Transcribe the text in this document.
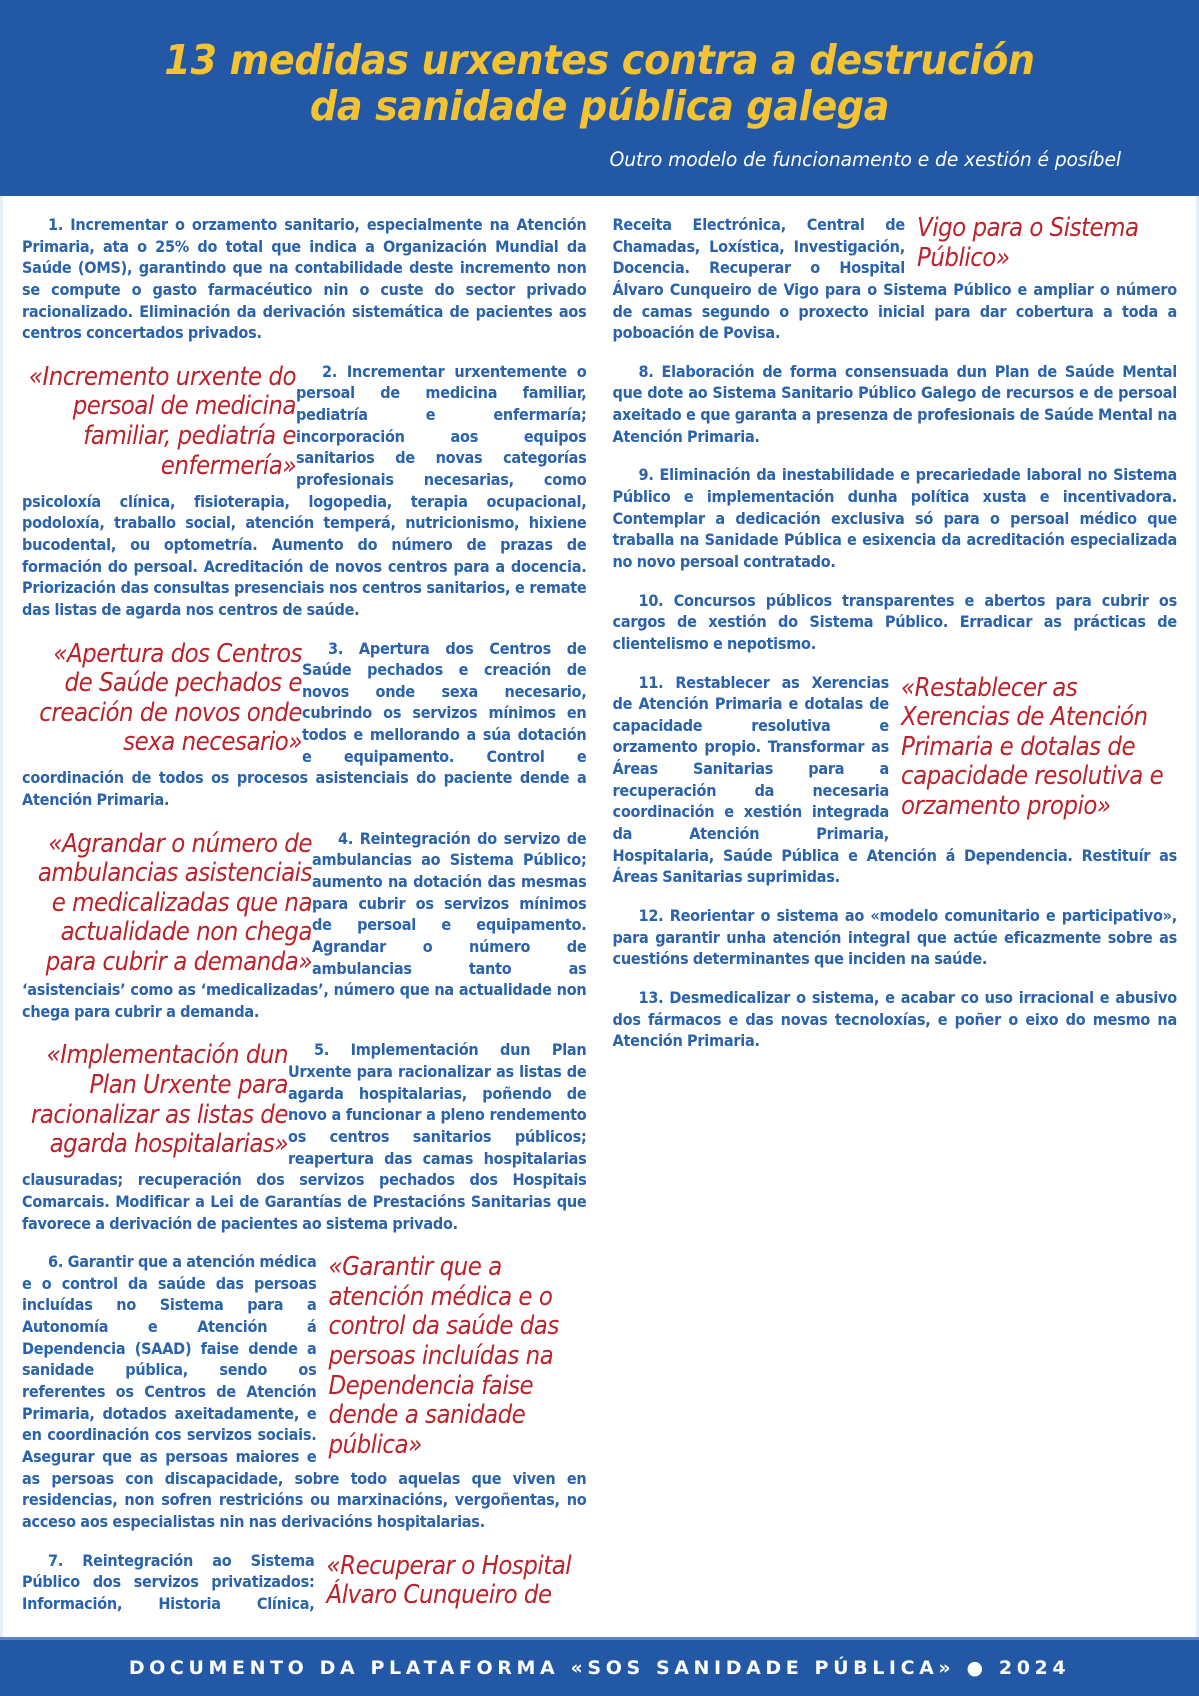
13 medidas urxentes contra a destrución
da sanidade pública galega
Outro modelo de funcionamento e de xestión é posíbel

1. Incrementar o orzamento sanitario, especialmente na Atención Primaria, ata o 25% do total que indica a Organización Mundial da Saúde (OMS), garantindo que na contabilidade deste incremento non se compute o gasto farmacéutico nin o custe do sector privado racionalizado. Eliminación da derivación sistemática de pacientes aos centros concertados privados.

«Incremento urxente do persoal de medicina familiar, pediatría e enfermería»

2. Incrementar urxentemente o persoal de medicina familiar, pediatría e enfermaría; incorporación aos equipos sanitarios de novas categorías profesionais necesarias, como psicoloxía clínica, fisioterapia, logopedia, terapia ocupacional, podoloxía, traballo social, atención temperá, nutricionismo, hixiene bucodental, ou optometría. Aumento do número de prazas de formación do persoal. Acreditación de novos centros para a docencia. Priorización das consultas presenciais nos centros sanitarios, e remate das listas de agarda nos centros de saúde.

«Apertura dos Centros de Saúde pechados e creación de novos onde sexa necesario»

3. Apertura dos Centros de Saúde pechados e creación de novos onde sexa necesario, cubrindo os servizos mínimos en todos e mellorando a súa dotación e equipamento. Control e coordinación de todos os procesos asistenciais do paciente dende a Atención Primaria.

«Agrandar o número de ambulancias asistenciais e medicalizadas que na actualidade non chega para cubrir a demanda»

4. Reintegración do servizo de ambulancias ao Sistema Público; aumento na dotación das mesmas para cubrir os servizos mínimos de persoal e equipamento. Agrandar o número de ambulancias tanto as ‘asistenciais’ como as ‘medicalizadas’, número que na actualidade non chega para cubrir a demanda.

«Implementación dun Plan Urxente para racionalizar as listas de agarda hospitalarias»

5. Implementación dun Plan Urxente para racionalizar as listas de agarda hospitalarias, poñendo de novo a funcionar a pleno rendemento os centros sanitarios públicos; reapertura das camas hospitalarias clausuradas; recuperación dos servizos pechados dos Hospitais Comarcais. Modificar a Lei de Garantías de Prestacións Sanitarias que favorece a derivación de pacientes ao sistema privado.

«Garantir que a atención médica e o control da saúde das persoas incluídas na Dependencia faise dende a sanidade pública»

6. Garantir que a atención médica e o control da saúde das persoas incluídas no Sistema para a Autonomía e Atención á Dependencia (SAAD) faise dende a sanidade pública, sendo os referentes os Centros de Atención Primaria, dotados axeitadamente, e en coordinación cos servizos sociais. Asegurar que as persoas maiores e as persoas con discapacidade, sobre todo aquelas que viven en residencias, non sofren restricións ou marxinacións, vergoñentas, no acceso aos especialistas nin nas derivacións hospitalarias.

«Recuperar o Hospital Álvaro Cunqueiro de Vigo para o Sistema Público»

7. Reintegración ao Sistema Público dos servizos privatizados: Información, Historia Clínica, Receita Electrónica, Central de Chamadas, Loxística, Investigación, Docencia. Recuperar o Hospital Álvaro Cunqueiro de Vigo para o Sistema Público e ampliar o número de camas segundo o proxecto inicial para dar cobertura a toda a poboación de Povisa.

8. Elaboración de forma consensuada dun Plan de Saúde Mental que dote ao Sistema Sanitario Público Galego de recursos e de persoal axeitado e que garanta a presenza de profesionais de Saúde Mental na Atención Primaria.

9. Eliminación da inestabilidade e precariedade laboral no Sistema Público e implementación dunha política xusta e incentivadora. Contemplar a dedicación exclusiva só para o persoal médico que traballa na Sanidade Pública e esixencia da acreditación especializada no novo persoal contratado.

10. Concursos públicos transparentes e abertos para cubrir os cargos de xestión do Sistema Público. Erradicar as prácticas de clientelismo e nepotismo.

«Restablecer as Xerencias de Atención Primaria e dotalas de capacidade resolutiva e orzamento propio»

11. Restablecer as Xerencias de Atención Primaria e dotalas de capacidade resolutiva e orzamento propio. Transformar as Áreas Sanitarias para a recuperación da necesaria coordinación e xestión integrada da Atención Primaria, Hospitalaria, Saúde Pública e Atención á Dependencia. Restituír as Áreas Sanitarias suprimidas.

12. Reorientar o sistema ao «modelo comunitario e participativo», para garantir unha atención integral que actúe eficazmente sobre as cuestións determinantes que inciden na saúde.

13. Desmedicalizar o sistema, e acabar co uso irracional e abusivo dos fármacos e das novas tecnoloxías, e poñer o eixo do mesmo na Atención Primaria.

DOCUMENTO DA PLATAFORMA «SOS SANIDADE PÚBLICA» ● 2024
